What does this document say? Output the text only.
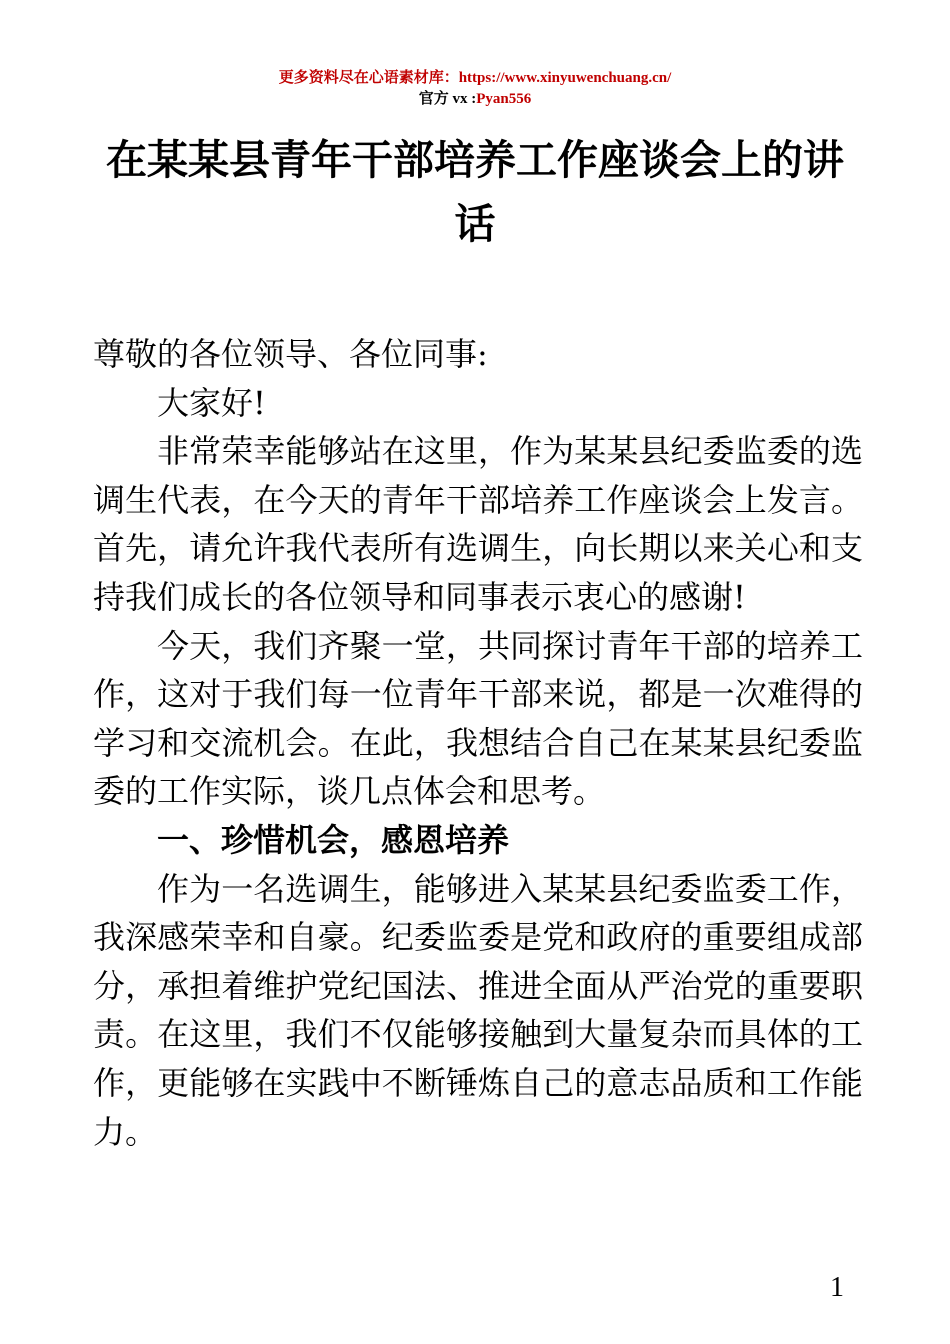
更多资料尽在心语素材库：https://www.xinyuwenchuang.cn/
官方 vx :Pyan556
在某某县青年干部培养工作座谈会上的讲话

尊敬的各位领导、各位同事:

大家好!

非常荣幸能够站在这里，作为某某县纪委监委的选调生代表，在今天的青年干部培养工作座谈会上发言。首先，请允许我代表所有选调生，向长期以来关心和支持我们成长的各位领导和同事表示衷心的感谢!

今天，我们齐聚一堂，共同探讨青年干部的培养工作，这对于我们每一位青年干部来说，都是一次难得的学习和交流机会。在此，我想结合自己在某某县纪委监委的工作实际，谈几点体会和思考。

一、珍惜机会，感恩培养

作为一名选调生，能够进入某某县纪委监委工作，我深感荣幸和自豪。纪委监委是党和政府的重要组成部分，承担着维护党纪国法、推进全面从严治党的重要职责。在这里，我们不仅能够接触到大量复杂而具体的工作，更能够在实践中不断锤炼自己的意志品质和工作能力。

1
